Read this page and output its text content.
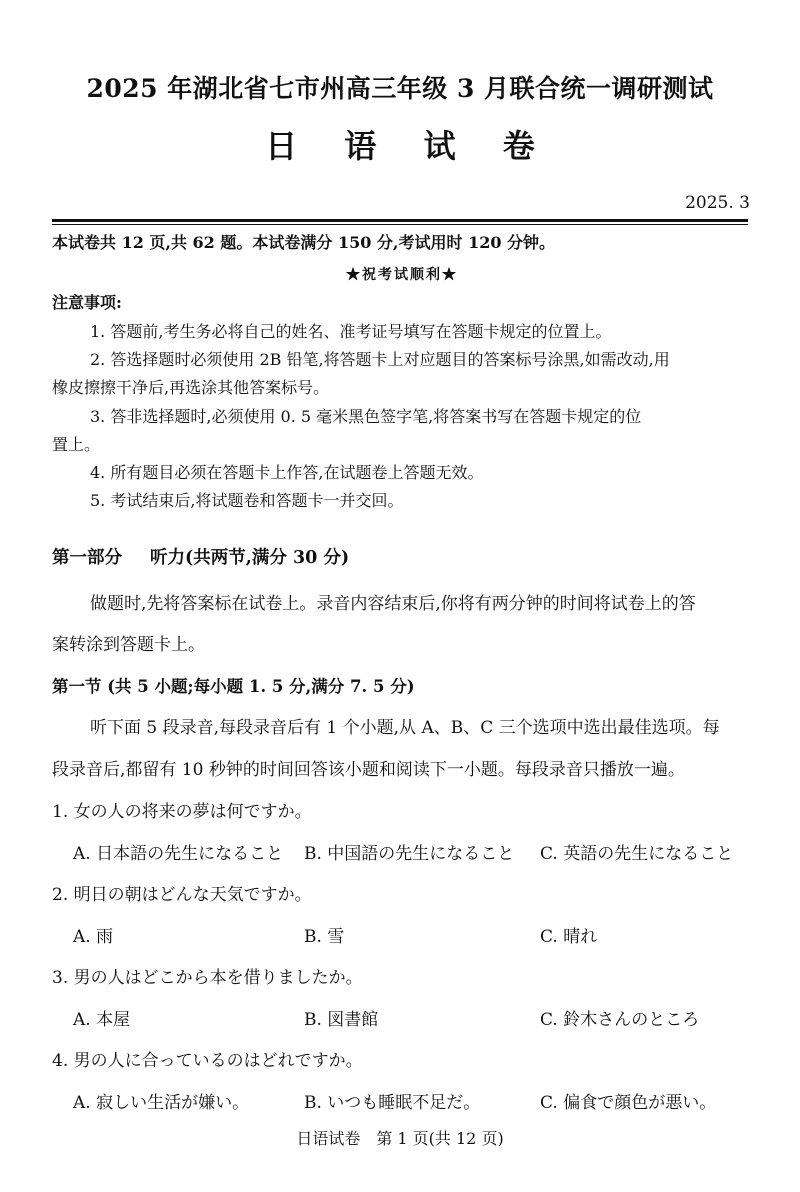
2025 年湖北省七市州高三年级 3 月联合统一调研测试
日 语 试 卷
2025. 3
本试卷共 12 页,共 62 题。本试卷满分 150 分,考试用时 120 分钟。
★祝考试顺利★
注意事项:
1. 答题前,考生务必将自己的姓名、准考证号填写在答题卡规定的位置上。
2. 答选择题时必须使用 2B 铅笔,将答题卡上对应题目的答案标号涂黑,如需改动,用
橡皮擦擦干净后,再选涂其他答案标号。
3. 答非选择题时,必须使用 0. 5 毫米黑色签字笔,将答案书写在答题卡规定的位
置上。
4. 所有题目必须在答题卡上作答,在试题卷上答题无效。
5. 考试结束后,将试题卷和答题卡一并交回。
第一部分 听力(共两节,满分 30 分)
做题时,先将答案标在试卷上。录音内容结束后,你将有两分钟的时间将试卷上的答
案转涂到答题卡上。
第一节 (共 5 小题;每小题 1. 5 分,满分 7. 5 分)
听下面 5 段录音,每段录音后有 1 个小题,从 A、B、C 三个选项中选出最佳选项。每
段录音后,都留有 10 秒钟的时间回答该小题和阅读下一小题。每段录音只播放一遍。
1. 女の人の将来の夢は何ですか。
A. 日本語の先生になること B. 中国語の先生になること C. 英語の先生になること
2. 明日の朝はどんな天気ですか。
A. 雨	B. 雪	C. 晴れ
3. 男の人はどこから本を借りましたか。
A. 本屋	B. 図書館	C. 鈴木さんのところ
4. 男の人に合っているのはどれですか。
A. 寂しい生活が嫌い。	B. いつも睡眠不足だ。	C. 偏食で顔色が悪い。
日语试卷　第 1 页(共 12 页)
